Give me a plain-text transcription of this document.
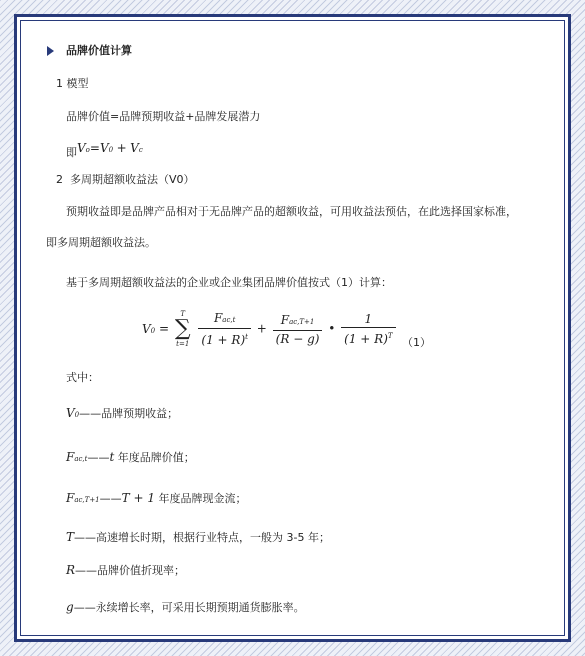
品牌价值计算
1 模型
品牌价值=品牌预期收益+品牌发展潜力
即Vo=V0 + Vc
2 多周期超额收益法（V0）
预期收益即是品牌产品相对于无品牌产品的超额收益，可用收益法预估，在此选择国家标准，
即多周期超额收益法。
基于多周期超额收益法的企业或企业集团品牌价值按式（1）计算：
V0 =
T
∑
t=1
$\frac{\text{Fac,t}}{(1 + R)^t} + \frac{\text{Fac,T+1}}{(R - g)}$ • $\frac{1}{(1 + R)^T} (1)$
式中：
V0——品牌预期收益；
Fac,t——t 年度品牌价值；
Fac,T+1——T + 1 年度品牌现金流；
T——高速增长时期，根据行业特点，一般为 3-5 年；
R——品牌价值折现率；
g——永续增长率，可采用长期预期通货膨胀率。
